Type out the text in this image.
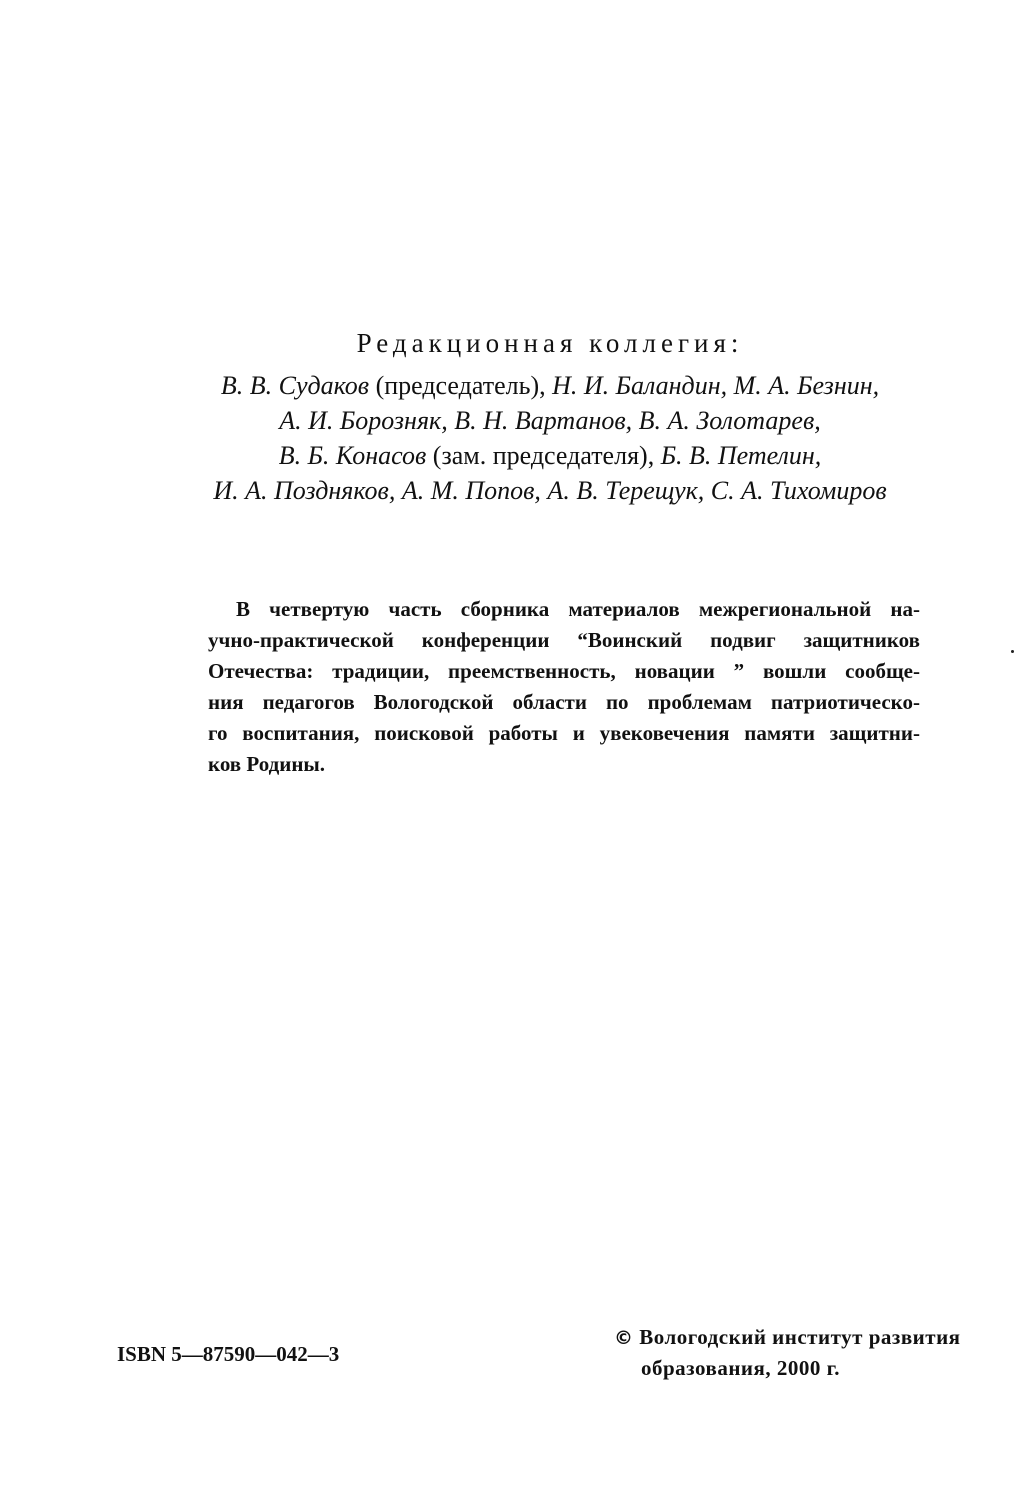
Редакционная коллегия:
В. В. Судаков (председатель), Н. И. Баландин, М. А. Безнин,
А. И. Борозняк, В. Н. Вартанов, В. А. Золотарев,
В. Б. Конасов (зам. председателя), Б. В. Петелин,
И. А. Поздняков, А. М. Попов, А. В. Терещук, С. А. Тихомиров
В четвертую часть сборника материалов межрегиональной на-
учно-практической конференции “Воинский подвиг защитников
Отечества: традиции, преемственность, новации ” вошли сообще-
ния педагогов Вологодской области по проблемам патриотическо-
го воспитания, поисковой работы и увековечения памяти защитни-
ков Родины.
ISBN 5—87590—042—3
© Вологодский институт развития
образования, 2000 г.
